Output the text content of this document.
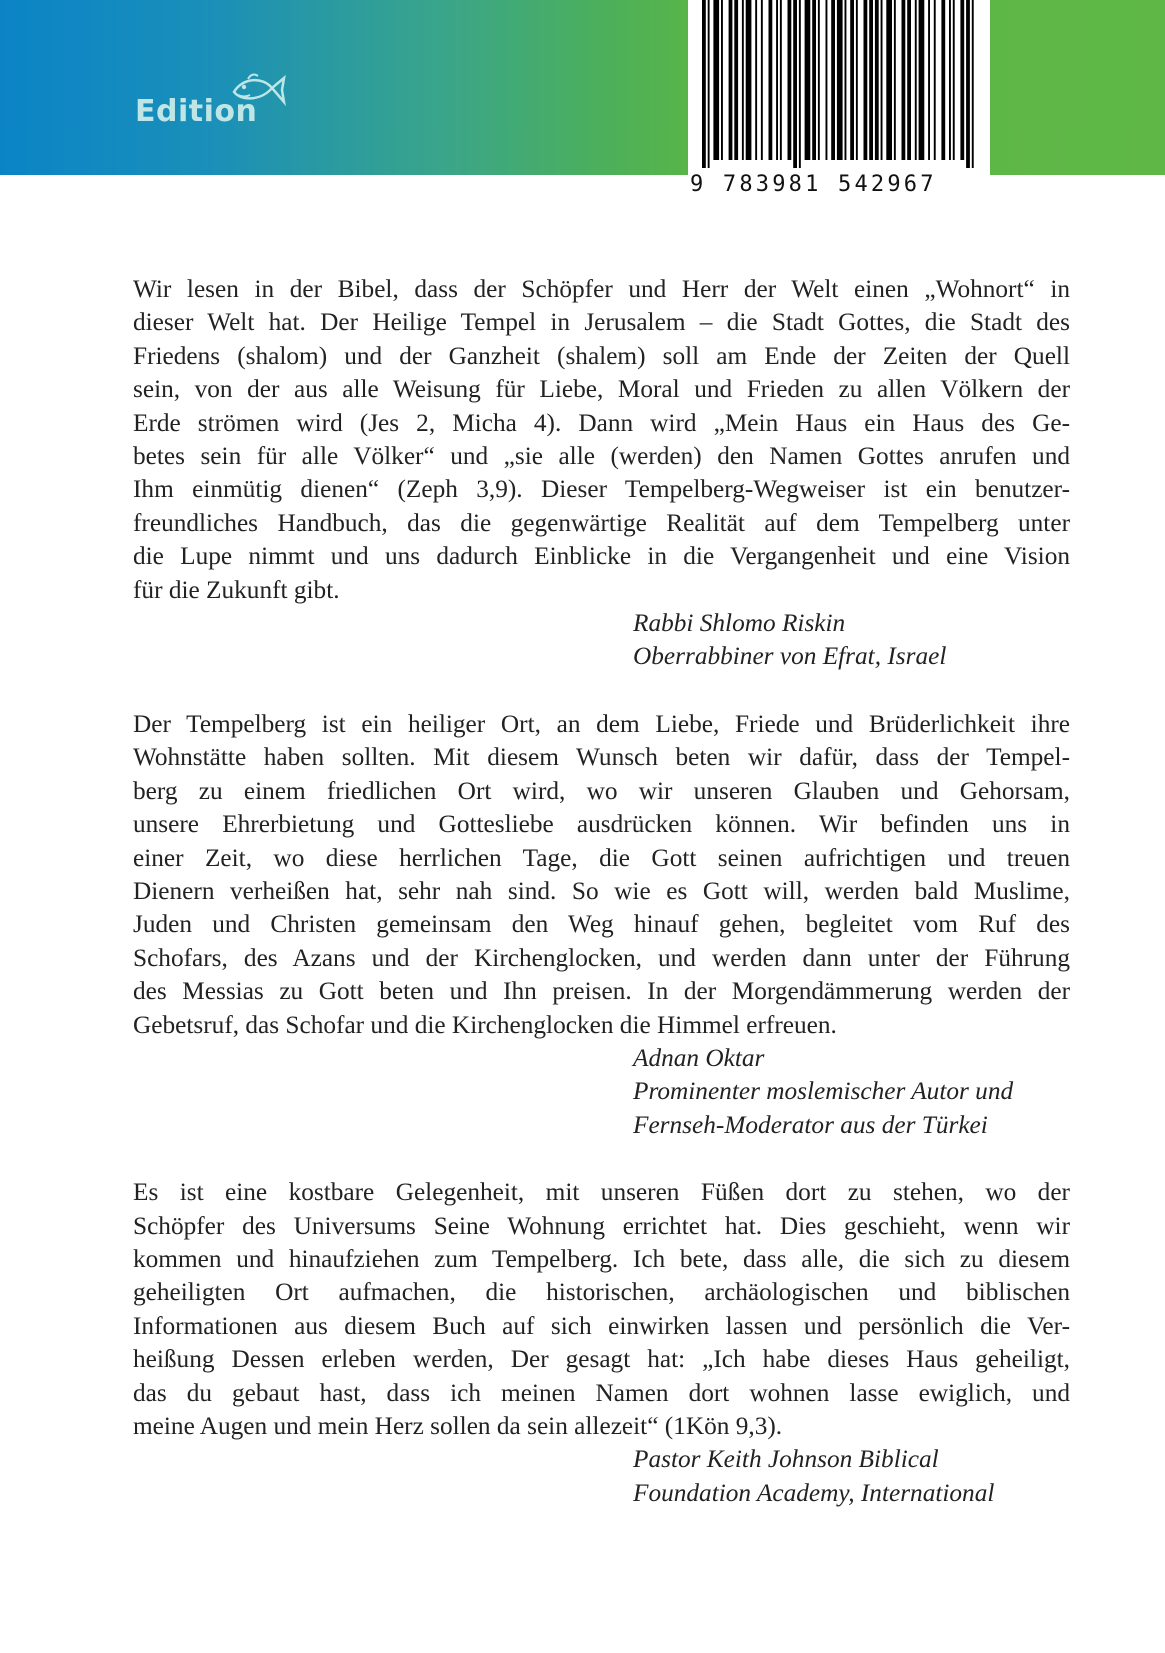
Edition
9 783981 542967
Wir lesen in der Bibel, dass der Schöpfer und Herr der Welt einen „Wohnort“ in
dieser Welt hat. Der Heilige Tempel in Jerusalem – die Stadt Gottes, die Stadt des
Friedens (shalom) und der Ganzheit (shalem) soll am Ende der Zeiten der Quell
sein, von der aus alle Weisung für Liebe, Moral und Frieden zu allen Völkern der
Erde strömen wird (Jes 2, Micha 4). Dann wird „Mein Haus ein Haus des Ge-
betes sein für alle Völker“ und „sie alle (werden) den Namen Gottes anrufen und
Ihm einmütig dienen“ (Zeph 3,9). Dieser Tempelberg-Wegweiser ist ein benutzer-
freundliches Handbuch, das die gegenwärtige Realität auf dem Tempelberg unter
die Lupe nimmt und uns dadurch Einblicke in die Vergangenheit und eine Vision
für die Zukunft gibt.
Rabbi Shlomo Riskin
Oberrabbiner von Efrat, Israel
Der Tempelberg ist ein heiliger Ort, an dem Liebe, Friede und Brüderlichkeit ihre
Wohnstätte haben sollten. Mit diesem Wunsch beten wir dafür, dass der Tempel-
berg zu einem friedlichen Ort wird, wo wir unseren Glauben und Gehorsam,
unsere Ehrerbietung und Gottesliebe ausdrücken können. Wir befinden uns in
einer Zeit, wo diese herrlichen Tage, die Gott seinen aufrichtigen und treuen
Dienern verheißen hat, sehr nah sind. So wie es Gott will, werden bald Muslime,
Juden und Christen gemeinsam den Weg hinauf gehen, begleitet vom Ruf des
Schofars, des Azans und der Kirchenglocken, und werden dann unter der Führung
des Messias zu Gott beten und Ihn preisen. In der Morgendämmerung werden der
Gebetsruf, das Schofar und die Kirchenglocken die Himmel erfreuen.
Adnan Oktar
Prominenter moslemischer Autor und
Fernseh-Moderator aus der Türkei
Es ist eine kostbare Gelegenheit, mit unseren Füßen dort zu stehen, wo der
Schöpfer des Universums Seine Wohnung errichtet hat. Dies geschieht, wenn wir
kommen und hinaufziehen zum Tempelberg. Ich bete, dass alle, die sich zu diesem
geheiligten Ort aufmachen, die historischen, archäologischen und biblischen
Informationen aus diesem Buch auf sich einwirken lassen und persönlich die Ver-
heißung Dessen erleben werden, Der gesagt hat: „Ich habe dieses Haus geheiligt,
das du gebaut hast, dass ich meinen Namen dort wohnen lasse ewiglich, und
meine Augen und mein Herz sollen da sein allezeit“ (1Kön 9,3).
Pastor Keith Johnson Biblical
Foundation Academy, International
